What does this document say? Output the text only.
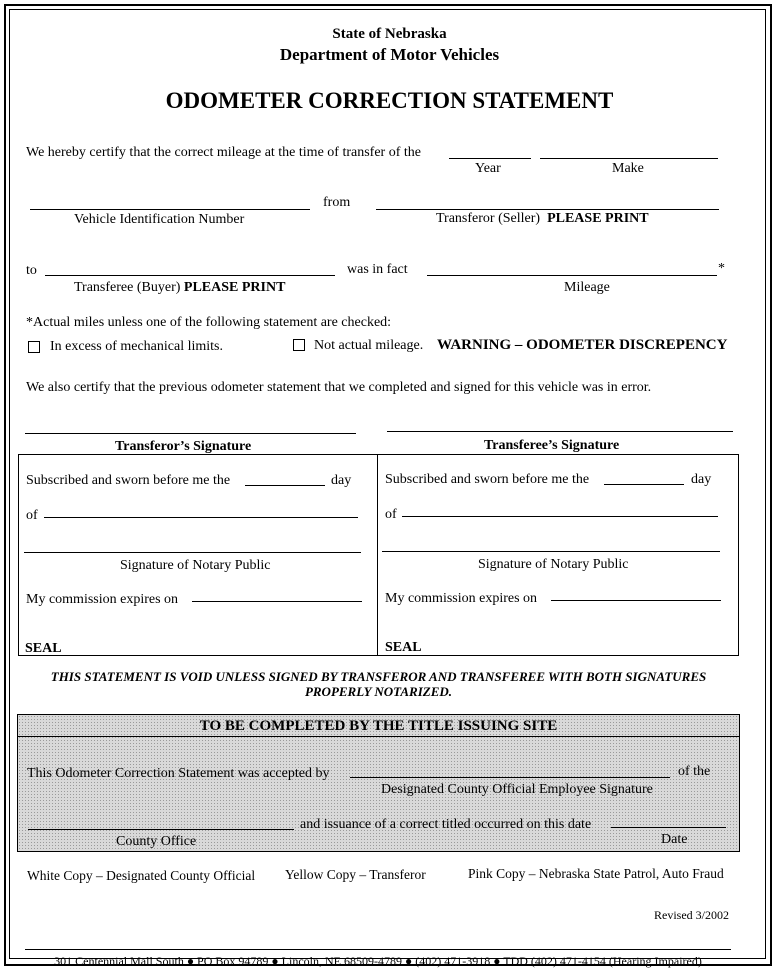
State of Nebraska
Department of Motor Vehicles
ODOMETER CORRECTION STATEMENT
We hereby certify that the correct mileage at the time of transfer of the
Year	Make
from
Vehicle Identification Number	Transferor (Seller) PLEASE PRINT
to	was in fact	*
Transferee (Buyer) PLEASE PRINT	Mileage
*Actual miles unless one of the following statement are checked:
In excess of mechanical limits.	Not actual mileage. WARNING – ODOMETER DISCREPENCY
We also certify that the previous odometer statement that we completed and signed for this vehicle was in error.
Transferor’s Signature	Transferee’s Signature
Subscribed and sworn before me the	day
of
Signature of Notary Public
My commission expires on
SEAL
Subscribed and sworn before me the	day
of
Signature of Notary Public
My commission expires on
SEAL
THIS STATEMENT IS VOID UNLESS SIGNED BY TRANSFEROR AND TRANSFEREE WITH BOTH SIGNATURES
PROPERLY NOTARIZED.
TO BE COMPLETED BY THE TITLE ISSUING SITE
This Odometer Correction Statement was accepted by	of the
Designated County Official Employee Signature
and issuance of a correct titled occurred on this date
County Office	Date
White Copy – Designated County Official Yellow Copy – Transferor	Pink Copy – Nebraska State Patrol, Auto Fraud
Revised 3/2002
301 Centennial Mall South ● PO Box 94789 ● Lincoln, NE 68509-4789 ● (402) 471-3918 ● TDD (402) 471-4154 (Hearing Impaired)
